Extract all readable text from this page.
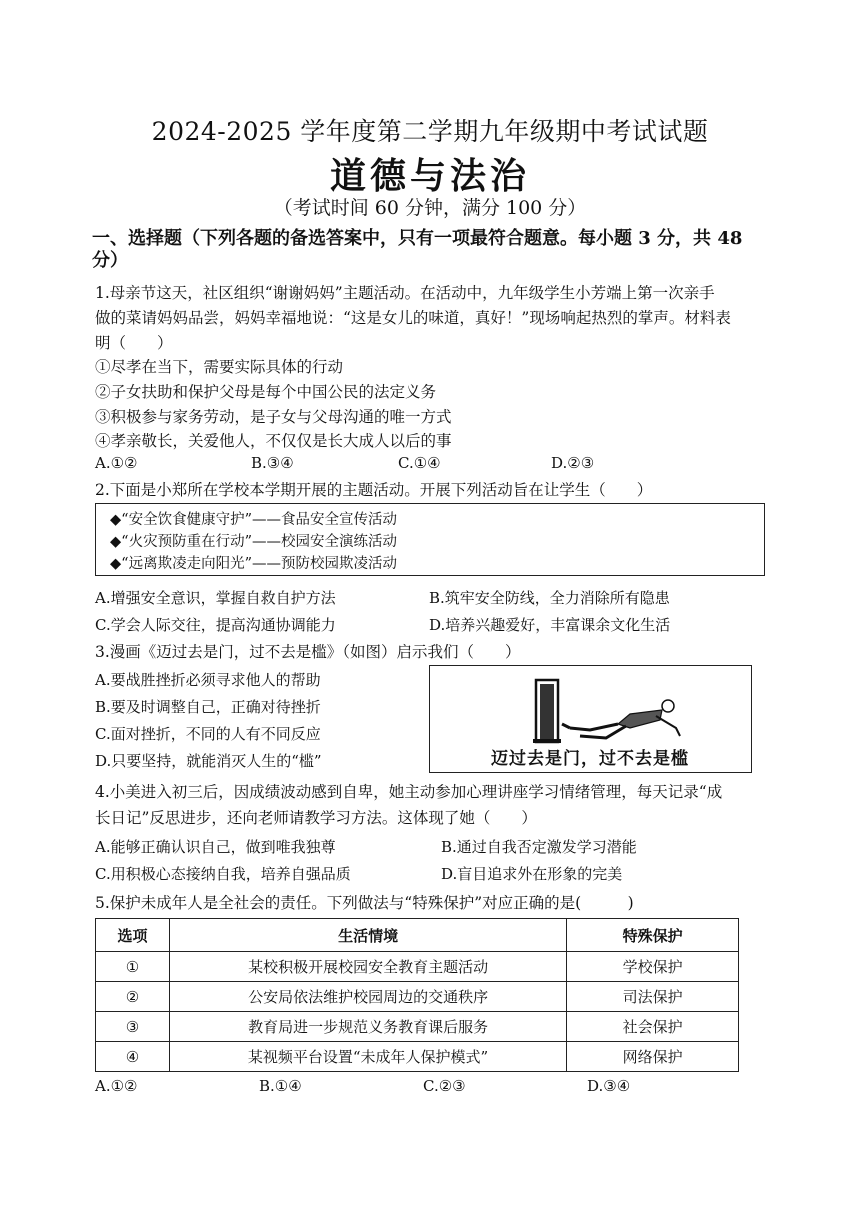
2024-2025 学年度第二学期九年级期中考试试题
道德与法治
（考试时间 60 分钟，满分 100 分）
一、选择题（下列各题的备选答案中，只有一项最符合题意。每小题 3 分，共 48
分）
1.母亲节这天，社区组织“谢谢妈妈”主题活动。在活动中，九年级学生小芳端上第一次亲手
做的菜请妈妈品尝，妈妈幸福地说：“这是女儿的味道，真好！”现场响起热烈的掌声。材料表
明（　　）
①尽孝在当下，需要实际具体的行动
②子女扶助和保护父母是每个中国公民的法定义务
③积极参与家务劳动，是子女与父母沟通的唯一方式
④孝亲敬长，关爱他人，不仅仅是长大成人以后的事
A.①②	B.③④	C.①④	D.②③
2.下面是小郑所在学校本学期开展的主题活动。开展下列活动旨在让学生（　　）
◆“安全饮食健康守护”——食品安全宣传活动
◆“火灾预防重在行动”——校园安全演练活动
◆“远离欺凌走向阳光”——预防校园欺凌活动
A.增强安全意识，掌握自救自护方法	B.筑牢安全防线，全力消除所有隐患
C.学会人际交往，提高沟通协调能力	D.培养兴趣爱好，丰富课余文化生活
3.漫画《迈过去是门，过不去是槛》（如图）启示我们（　　）
A.要战胜挫折必须寻求他人的帮助
B.要及时调整自己，正确对待挫折
C.面对挫折，不同的人有不同反应
D.只要坚持，就能消灭人生的“槛”	迈过去是门，过不去是槛
4.小美进入初三后，因成绩波动感到自卑，她主动参加心理讲座学习情绪管理，每天记录“成
长日记”反思进步，还向老师请教学习方法。这体现了她（　　）
A.能够正确认识自己，做到唯我独尊	B.通过自我否定激发学习潜能
C.用积极心态接纳自我，培养自强品质	D.盲目追求外在形象的完美
5.保护未成年人是全社会的责任。下列做法与“特殊保护”对应正确的是(　　　)
选项	生活情境	特殊保护
①	某校积极开展校园安全教育主题活动	学校保护
②	公安局依法维护校园周边的交通秩序	司法保护
③	教育局进一步规范义务教育课后服务	社会保护
④	某视频平台设置“未成年人保护模式”	网络保护
A.①②	B.①④	C.②③	D.③④
